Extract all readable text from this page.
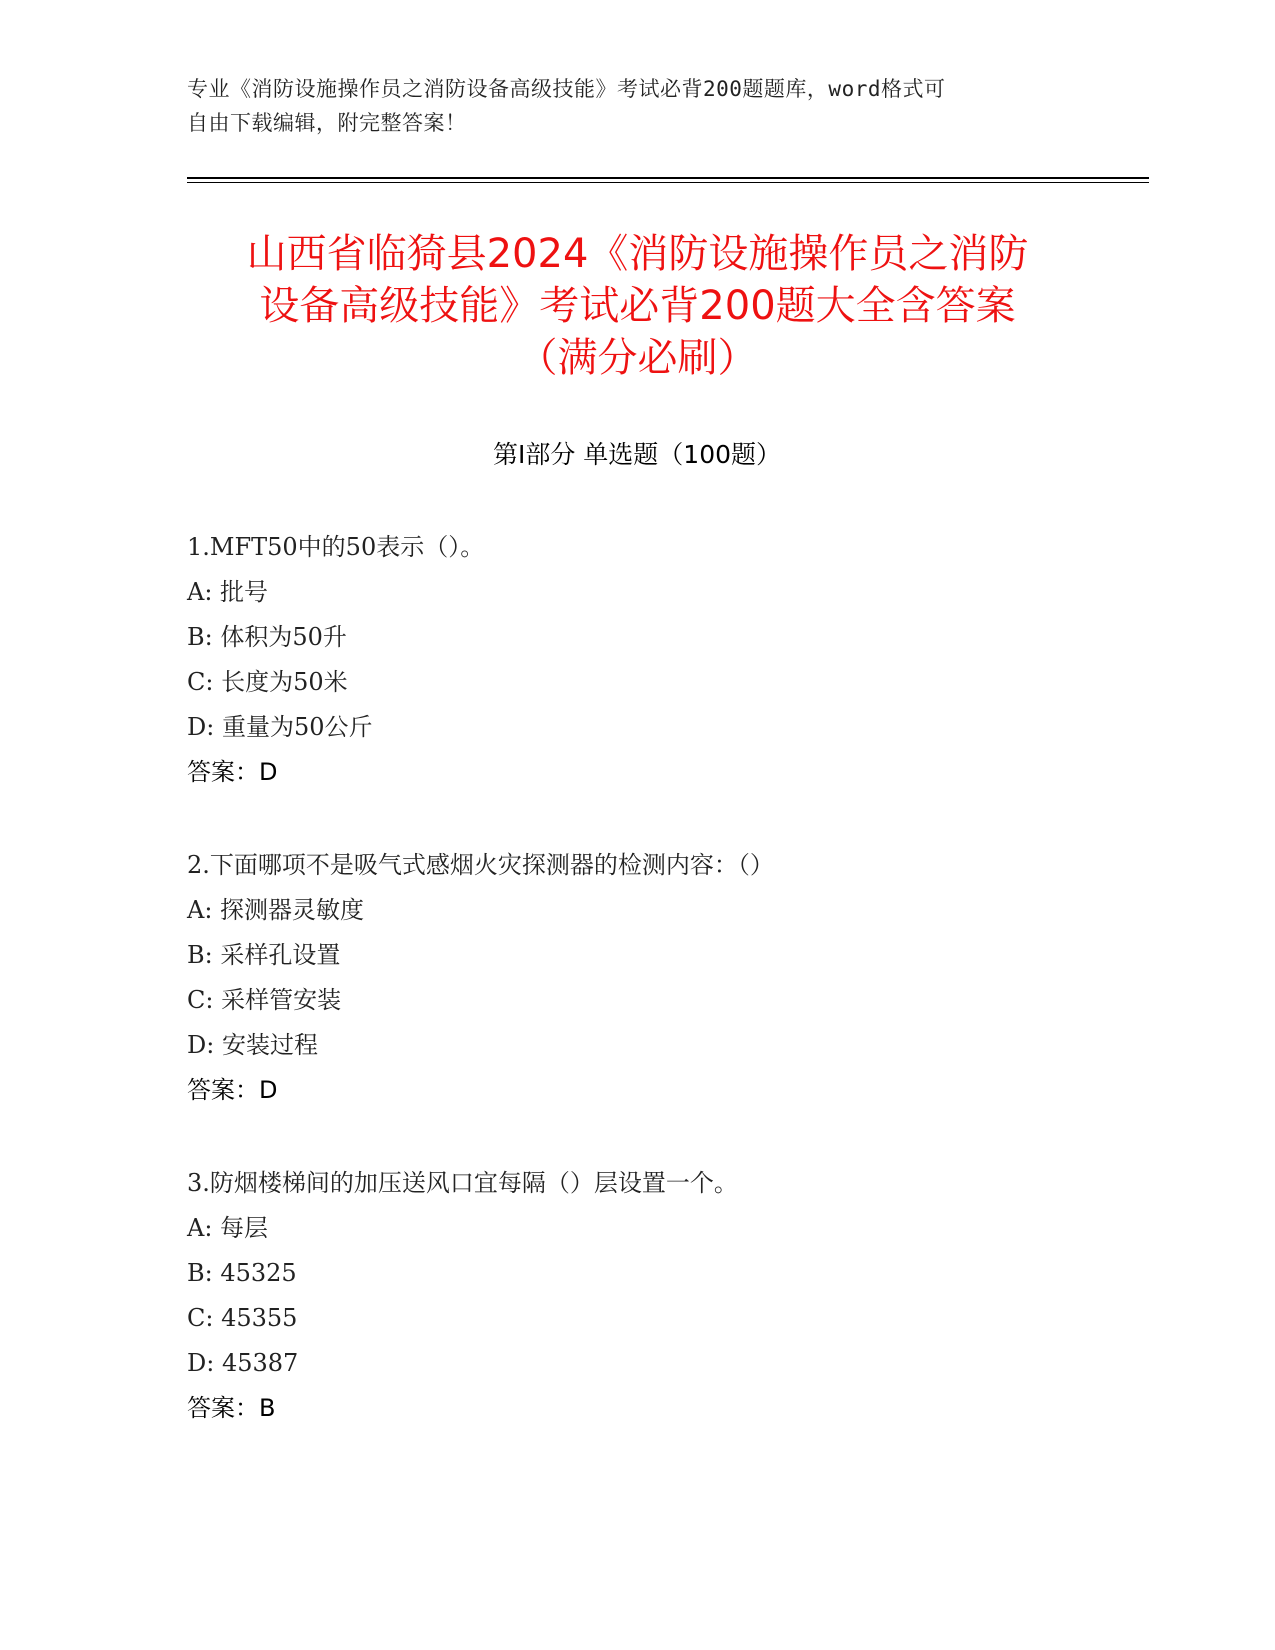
专业《消防设施操作员之消防设备高级技能》考试必背200题题库，word格式可
自由下载编辑，附完整答案！
山西省临猗县2024《消防设施操作员之消防
设备高级技能》考试必背200题大全含答案
（满分必刷）
第Ⅰ部分 单选题（100题）
1.MFT50中的50表示（）。
A: 批号
B: 体积为50升
C: 长度为50米
D: 重量为50公斤
答案：D
2.下面哪项不是吸气式感烟火灾探测器的检测内容：（）
A: 探测器灵敏度
B: 采样孔设置
C: 采样管安装
D: 安装过程
答案：D
3.防烟楼梯间的加压送风口宜每隔（）层设置一个。
A: 每层
B: 45325
C: 45355
D: 45387
答案：B
